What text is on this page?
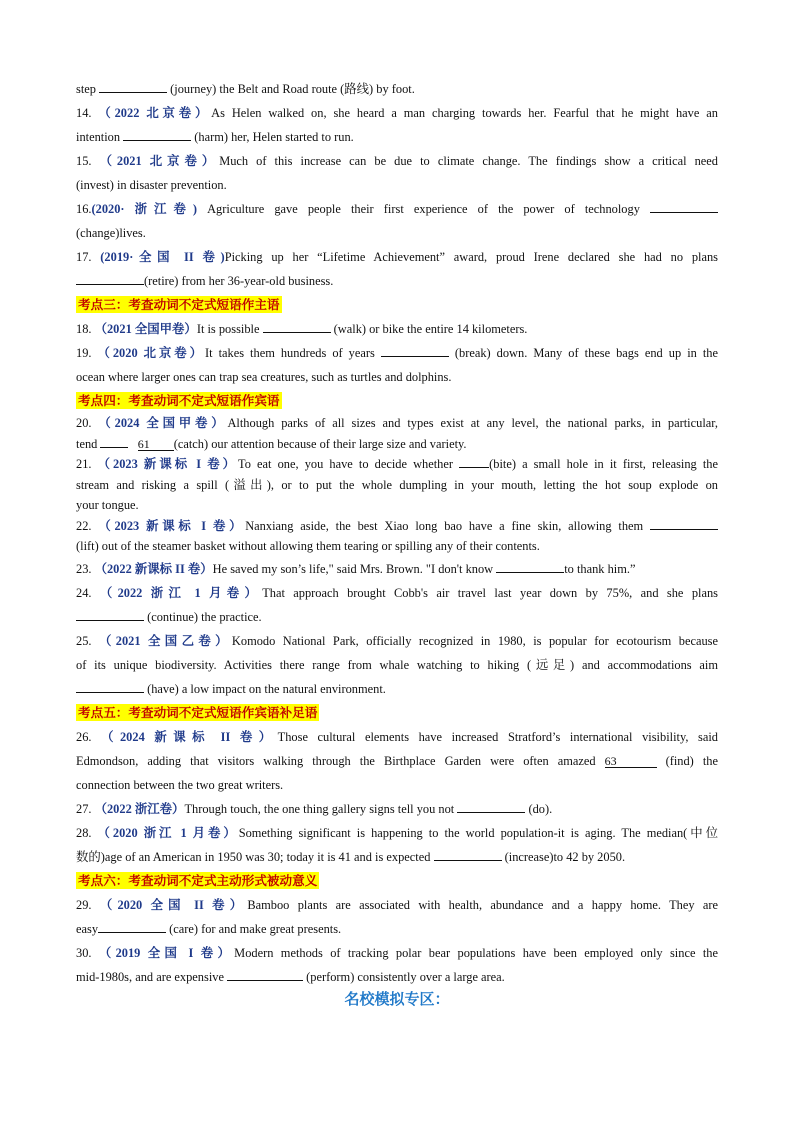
step	(journey) the Belt and Road route (路线) by foot.
14. （2022 北京卷）As Helen walked on, she heard a man charging towards her. Fearful that he might have an
intention	(harm) her, Helen started to run.
15. （2021 北京卷）Much of this increase can be due to climate change. The findings show a critical need
(invest) in disaster prevention.
16.(2020· 浙江卷) Agriculture gave people their first experience of the power of technology
(change)lives.
17. (2019·全国 II 卷)Picking up her “Lifetime Achievement” award, proud Irene declared she had no plans
(retire) from her 36-year-old business.
考点三：考查动词不定式短语作主语
18. （2021 全国甲卷）It is possible	(walk) or bike the entire 14 kilometers.
19. （2020 北京卷）It takes them hundreds of years	(break) down. Many of these bags end up in the
ocean where larger ones can trap sea creatures, such as turtles and dolphins.
考点四：考查动词不定式短语作宾语
20. （2024 全国甲卷）Although parks of all sizes and types exist at any level, the national parks, in particular,
tend	61 (catch) our attention because of their large size and variety.
21. （2023 新课标 I 卷）To eat one, you have to decide whether (bite) a small hole in it first, releasing the
stream and risking a spill (溢出), or to put the whole dumpling in your mouth, letting the hot soup explode on
your tongue.
22. （2023 新课标 I 卷）Nanxiang aside, the best Xiao long bao have a fine skin, allowing them
(lift) out of the steamer basket without allowing them tearing or spilling any of their contents.
23. （2022 新课标 II 卷）He saved my son’s life," said Mrs. Brown. "I don't know	to thank him.”
24. （2022 浙江 1 月卷）That approach brought Cobb's air travel last year down by 75%, and she plans
(continue) the practice.
25. （2021 全国乙卷）Komodo National Park, officially recognized in 1980, is popular for ecotourism because
of its unique biodiversity. Activities there range from whale watching to hiking (远足) and accommodations aim
(have) a low impact on the natural environment.
考点五：考查动词不定式短语作宾语补足语
26. （2024 新课标 II 卷）Those cultural elements have increased Stratford’s international visibility, said
Edmondson, adding that visitors walking through the Birthplace Garden were often amazed 63	(find) the
connection between the two great writers.
27. （2022 浙江卷）Through touch, the one thing gallery signs tell you not	(do).
28. （2020 浙江 1 月卷）Something significant is happening to the world population-it is aging. The median(中位
数的)age of an American in 1950 was 30; today it is 41 and is expected	(increase)to 42 by 2050.
考点六：考查动词不定式主动形式被动意义
29. （2020 全国 II 卷）Bamboo plants are associated with health, abundance and a happy home. They are
easy	(care) for and make great presents.
30. （2019 全国 I 卷）Modern methods of tracking polar bear populations have been employed only since the
mid-1980s, and are expensive	(perform) consistently over a large area.
名校模拟专区：
